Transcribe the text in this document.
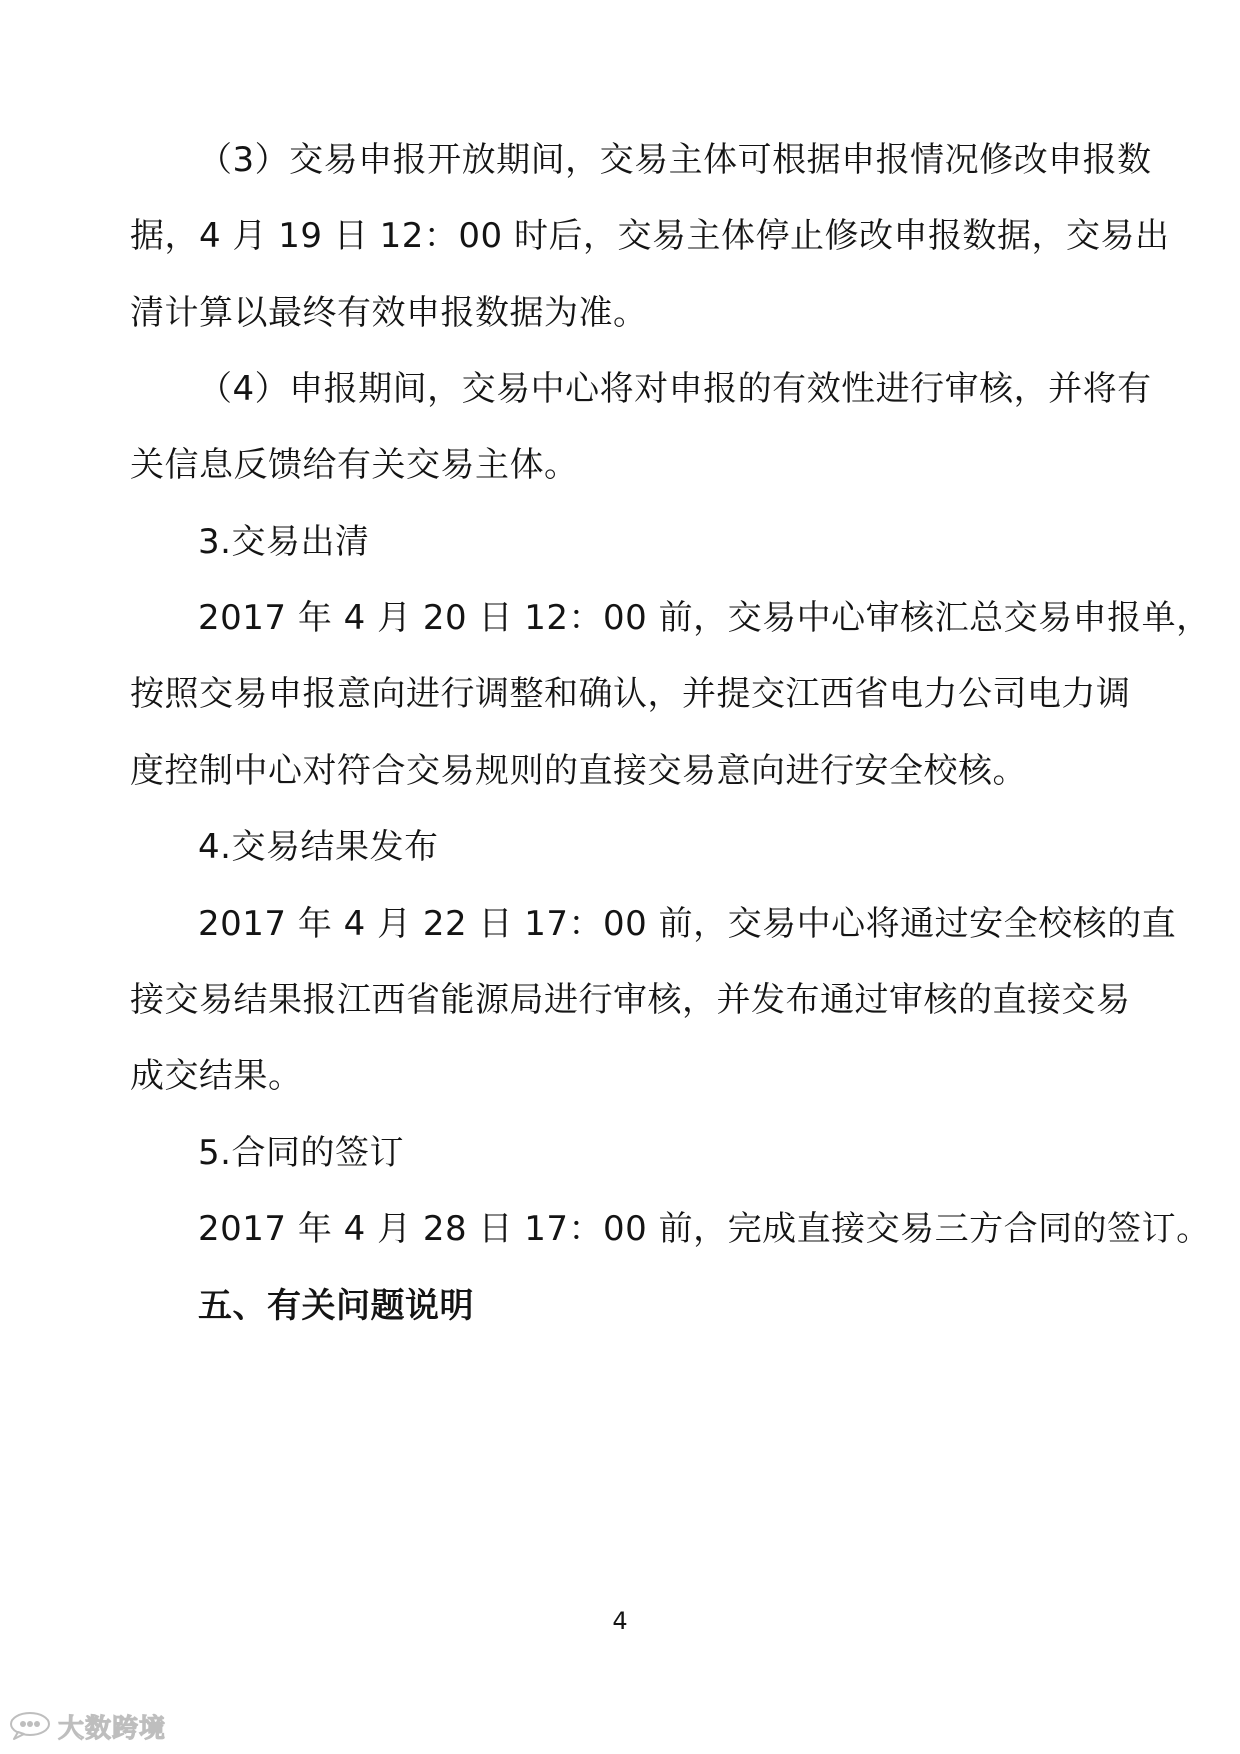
（3）交易申报开放期间，交易主体可根据申报情况修改申报数

据，4 月 19 日 12：00 时后，交易主体停止修改申报数据，交易出

清计算以最终有效申报数据为准。

（4）申报期间，交易中心将对申报的有效性进行审核，并将有

关信息反馈给有关交易主体。

3.交易出清

2017 年 4 月 20 日 12：00 前，交易中心审核汇总交易申报单，

按照交易申报意向进行调整和确认，并提交江西省电力公司电力调

度控制中心对符合交易规则的直接交易意向进行安全校核。

4.交易结果发布

2017 年 4 月 22 日 17：00 前，交易中心将通过安全校核的直

接交易结果报江西省能源局进行审核，并发布通过审核的直接交易

成交结果。

5.合同的签订

2017 年 4 月 28 日 17：00 前，完成直接交易三方合同的签订。

五、有关问题说明

4
大数跨境
